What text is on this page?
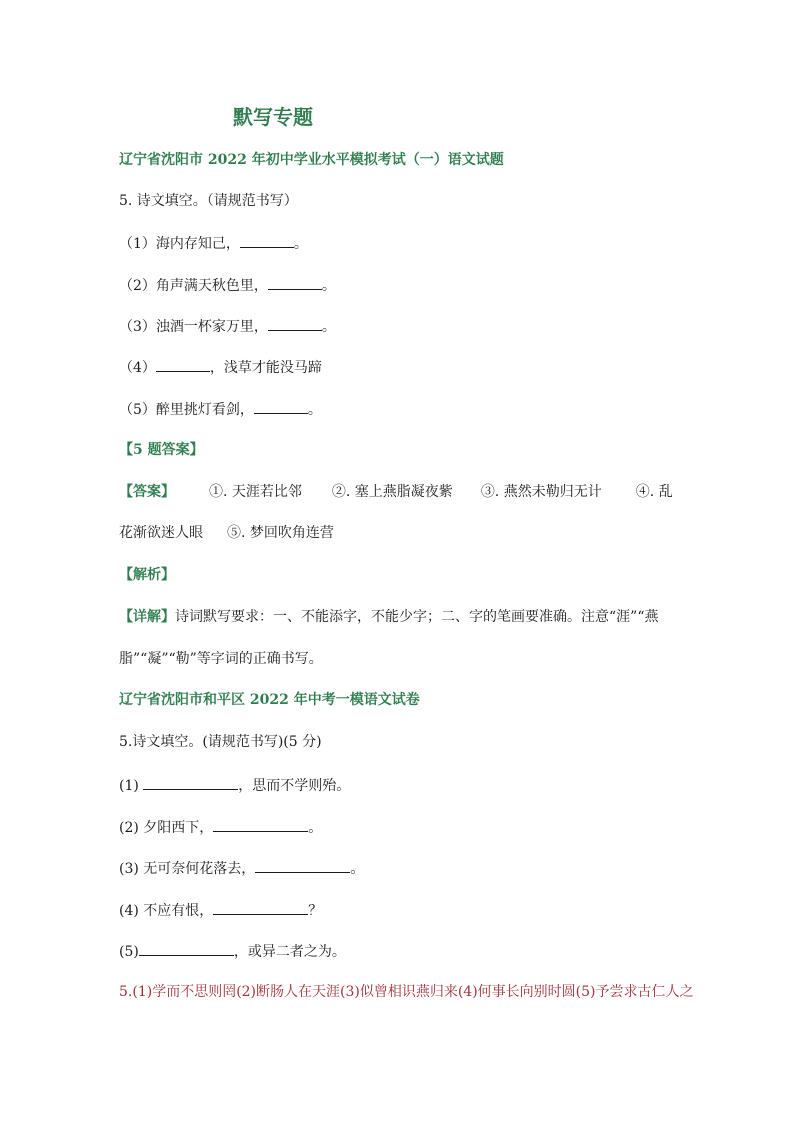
默写专题
辽宁省沈阳市 2022 年初中学业水平模拟考试（一）语文试题
5. 诗文填空。（请规范书写）
（1）海内存知己，	。
（2）角声满天秋色里，	。
（3）浊酒一杯家万里，	。
（4）	，浅草才能没马蹄
（5）醉里挑灯看剑，	。
【5 题答案】
【答案】 ①. 天涯若比邻 ②. 塞上燕脂凝夜紫 ③. 燕然未勒归无计 ④. 乱
花渐欲迷人眼 ⑤. 梦回吹角连营
【解析】
【详解】诗词默写要求：一、不能添字，不能少字；二、字的笔画要准确。注意“涯”“燕
脂”“凝”“勒”等字词的正确书写。
辽宁省沈阳市和平区 2022 年中考一模语文试卷
5.诗文填空。(请规范书写)(5 分)
(1)	，思而不学则殆。
(2) 夕阳西下，	。
(3) 无可奈何花落去，	。
(4) 不应有恨，	？
(5)	，或异二者之为。
5.(1)学而不思则罔(2)断肠人在天涯(3)似曾相识燕归来(4)何事长向别时圆(5)予尝求古仁人之
